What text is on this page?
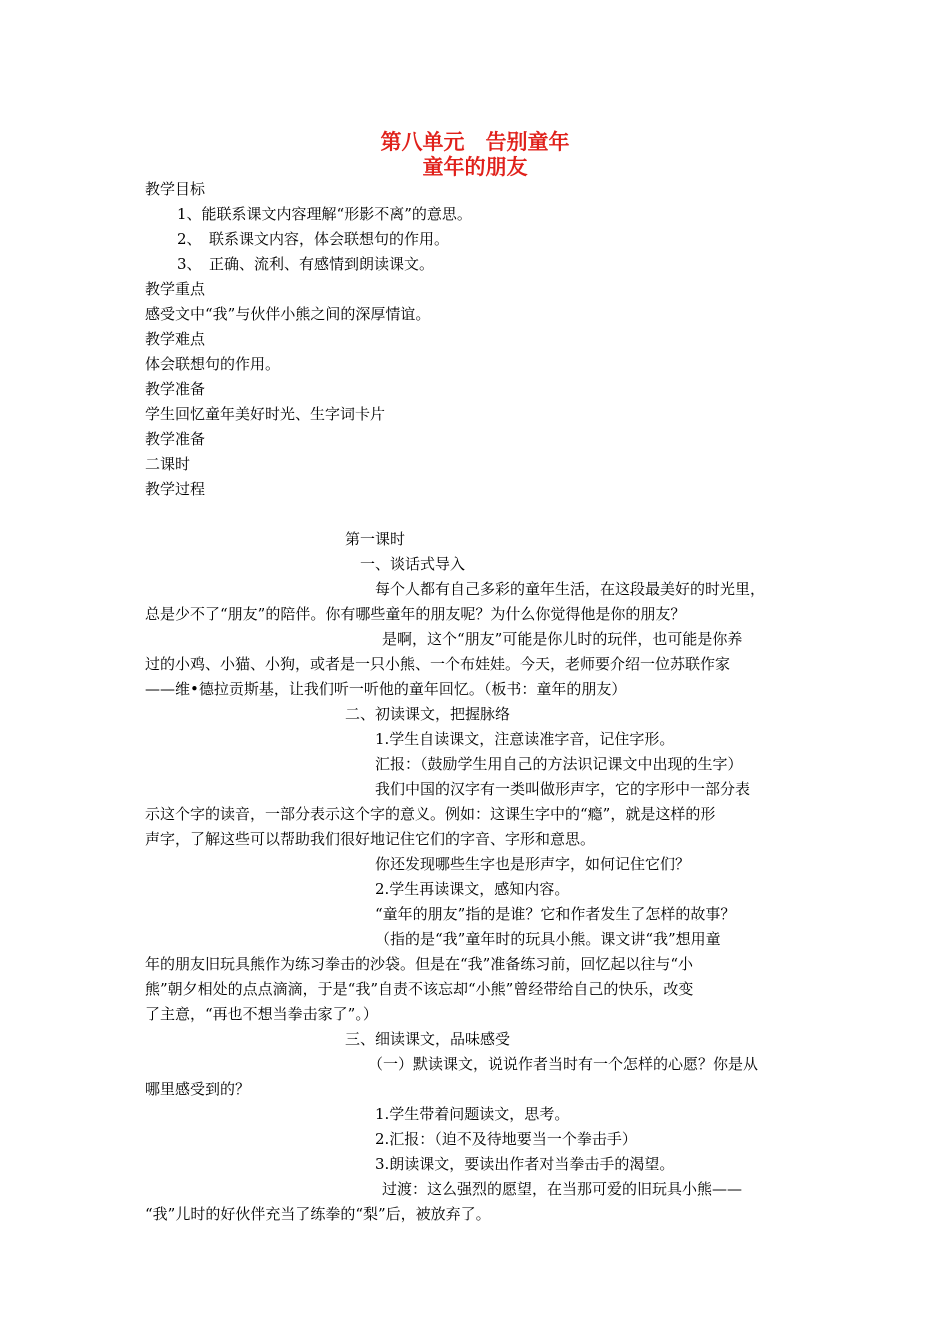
第八单元　告别童年
童年的朋友
教学目标
1、能联系课文内容理解“形影不离”的意思。
2、　联系课文内容，体会联想句的作用。
3、　正确、流利、有感情到朗读课文。
教学重点
感受文中“我”与伙伴小熊之间的深厚情谊。
教学难点
体会联想句的作用。
教学准备
学生回忆童年美好时光、生字词卡片
教学准备
二课时
教学过程
第一课时
一、谈话式导入
每个人都有自己多彩的童年生活，在这段最美好的时光里，
总是少不了“朋友”的陪伴。你有哪些童年的朋友呢？为什么你觉得他是你的朋友？
是啊，这个“朋友”可能是你儿时的玩伴，也可能是你养
过的小鸡、小猫、小狗，或者是一只小熊、一个布娃娃。今天，老师要介绍一位苏联作家
——维•德拉贡斯基，让我们听一听他的童年回忆。（板书：童年的朋友）
二、初读课文，把握脉络
1.学生自读课文，注意读准字音，记住字形。
汇报：（鼓励学生用自己的方法识记课文中出现的生字）
我们中国的汉字有一类叫做形声字，它的字形中一部分表
示这个字的读音，一部分表示这个字的意义。例如：这课生字中的“瘾”，就是这样的形
声字，了解这些可以帮助我们很好地记住它们的字音、字形和意思。
你还发现哪些生字也是形声字，如何记住它们？
2.学生再读课文，感知内容。
“童年的朋友”指的是谁？它和作者发生了怎样的故事？
（指的是“我”童年时的玩具小熊。课文讲“我”想用童
年的朋友旧玩具熊作为练习拳击的沙袋。但是在“我”准备练习前，回忆起以往与“小
熊”朝夕相处的点点滴滴，于是“我”自责不该忘却“小熊”曾经带给自己的快乐，改变
了主意，“再也不想当拳击家了”。）
三、细读课文，品味感受
（一）默读课文，说说作者当时有一个怎样的心愿？你是从
哪里感受到的？
1.学生带着问题读文，思考。
2.汇报：（迫不及待地要当一个拳击手）
3.朗读课文，要读出作者对当拳击手的渴望。
过渡：这么强烈的愿望，在当那可爱的旧玩具小熊——
“我”儿时的好伙伴充当了练拳的“梨”后，被放弃了。
